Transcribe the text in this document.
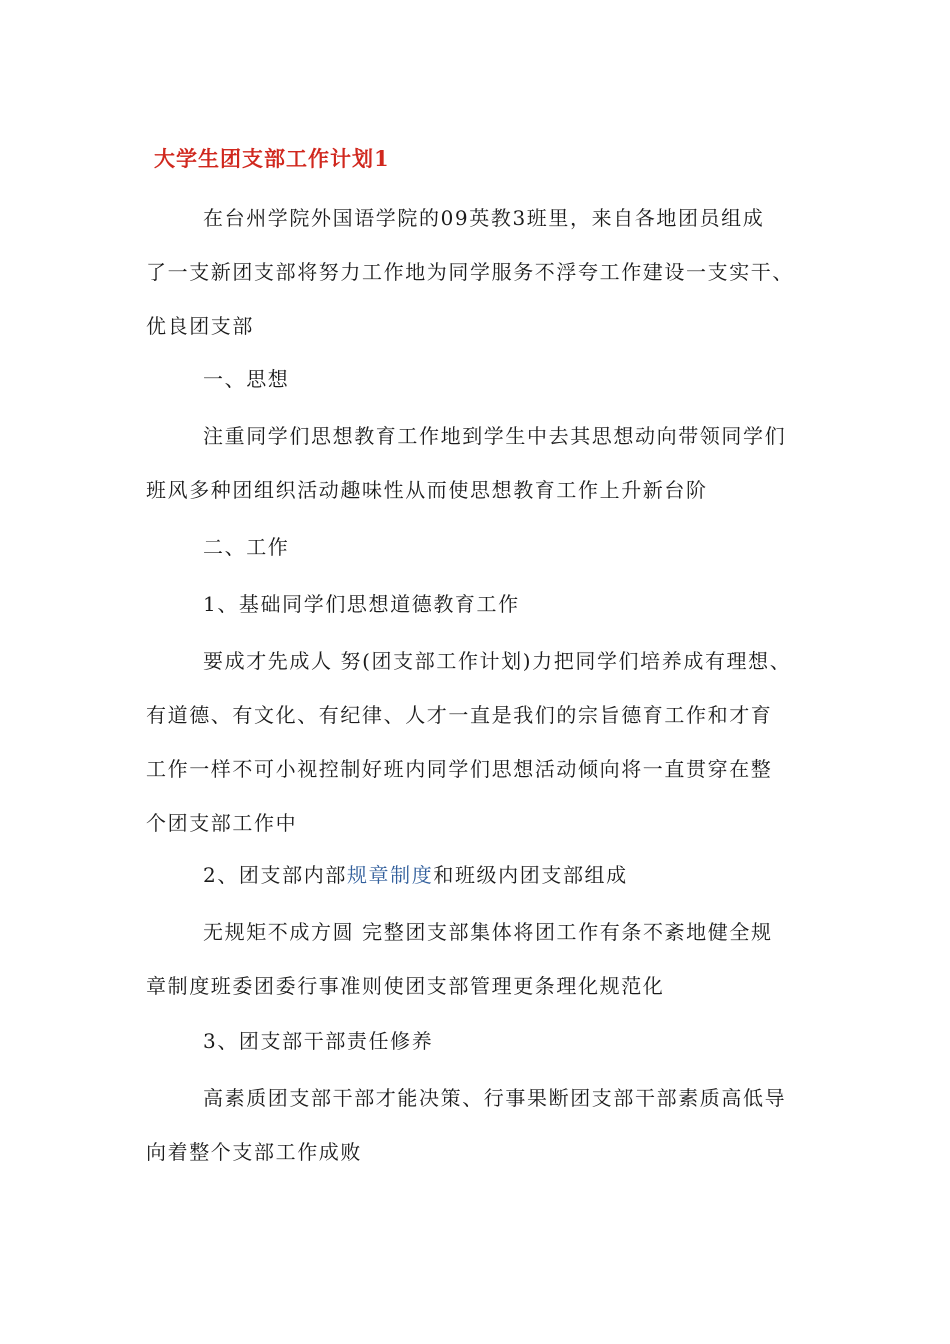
大学生团支部工作计划1
在台州学院外国语学院的09英教3班里，来自各地团员组成
了一支新团支部将努力工作地为同学服务不浮夸工作建设一支实干、
优良团支部
一、思想
注重同学们思想教育工作地到学生中去其思想动向带领同学们
班风多种团组织活动趣味性从而使思想教育工作上升新台阶
二、工作
1、基础同学们思想道德教育工作
要成才先成人 努(团支部工作计划)力把同学们培养成有理想、
有道德、有文化、有纪律、人才一直是我们的宗旨德育工作和才育
工作一样不可小视控制好班内同学们思想活动倾向将一直贯穿在整
个团支部工作中
2、团支部内部规章制度和班级内团支部组成
无规矩不成方圆 完整团支部集体将团工作有条不紊地健全规
章制度班委团委行事准则使团支部管理更条理化规范化
3、团支部干部责任修养
高素质团支部干部才能决策、行事果断团支部干部素质高低导
向着整个支部工作成败
